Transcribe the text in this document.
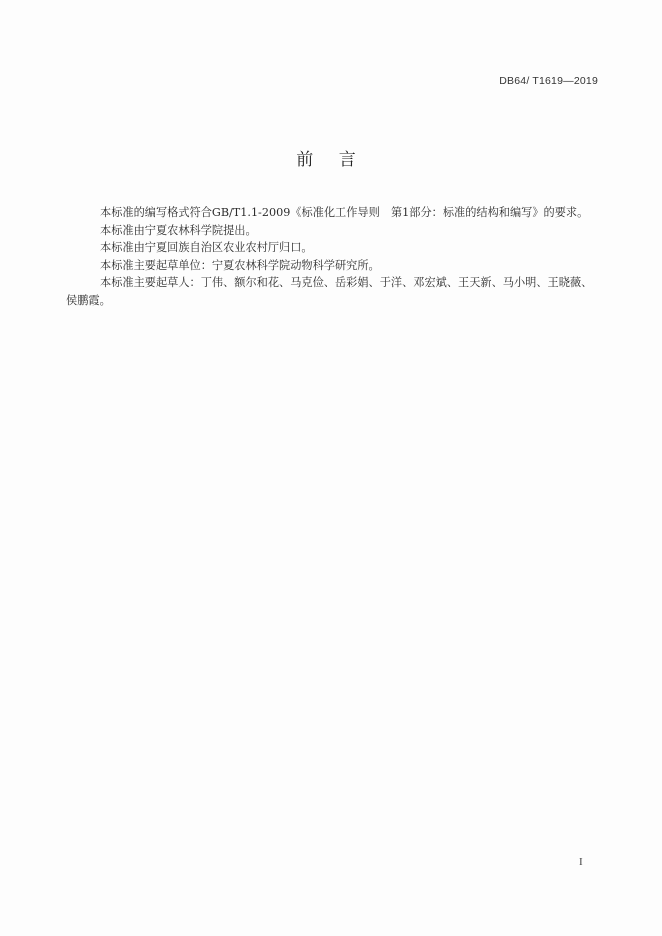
DB64/ T1619—2019
前 言

本标准的编写格式符合GB/T1.1-2009《标准化工作导则　第1部分：标准的结构和编写》的要求。

本标准由宁夏农林科学院提出。

本标准由宁夏回族自治区农业农村厅归口。

本标准主要起草单位：宁夏农林科学院动物科学研究所。

本标准主要起草人：丁伟、额尔和花、马克俭、岳彩娟、于洋、邓宏斌、王天新、马小明、王晓薇、侯鹏霞。

I
